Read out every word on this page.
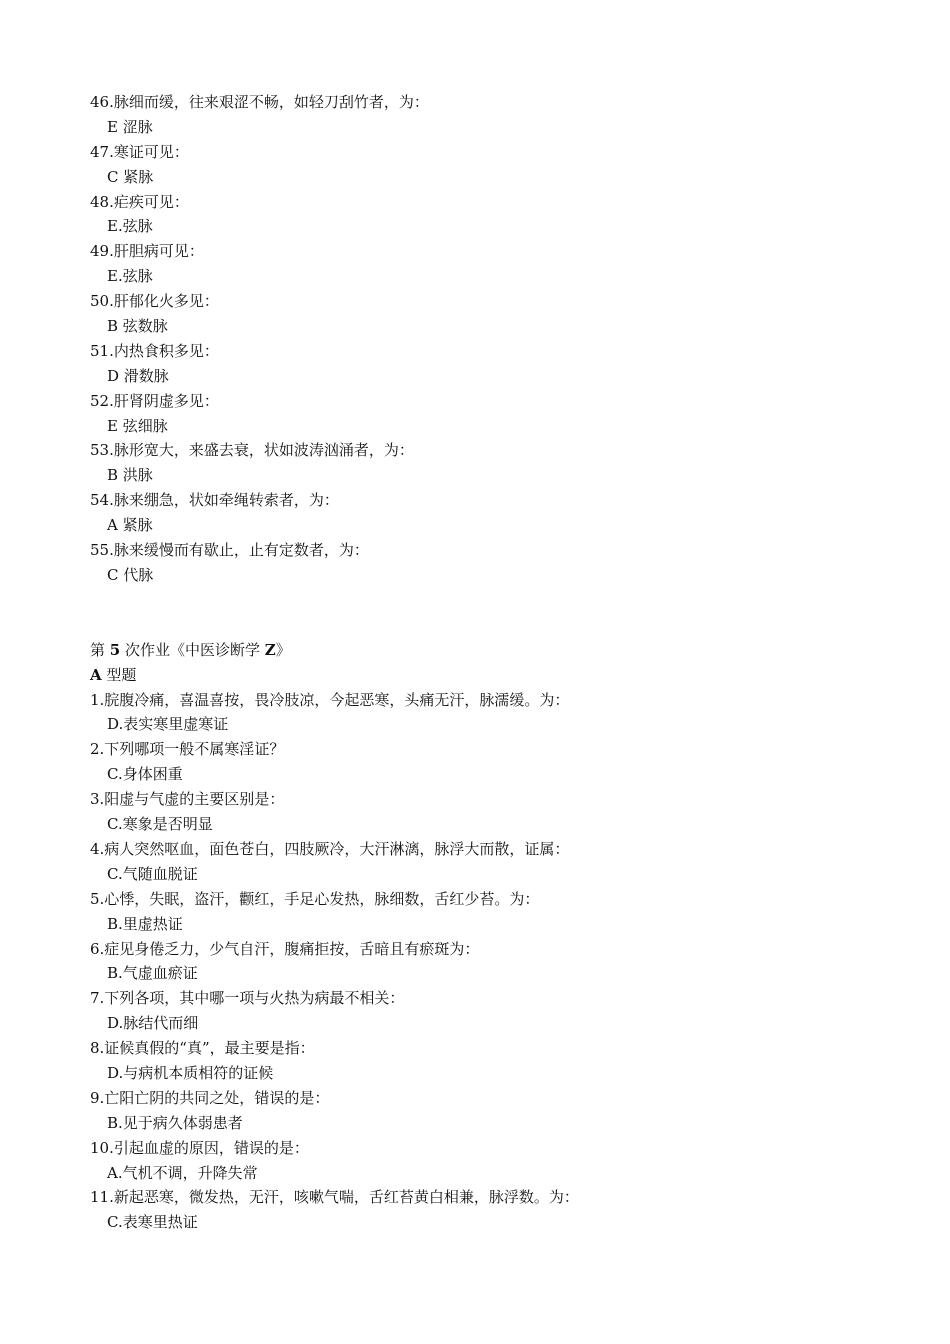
46.脉细而缓，往来艰涩不畅，如轻刀刮竹者，为：
E 涩脉
47.寒证可见：
C 紧脉
48.疟疾可见：
E.弦脉
49.肝胆病可见：
E.弦脉
50.肝郁化火多见：
B 弦数脉
51.内热食积多见：
D 滑数脉
52.肝肾阴虚多见：
E 弦细脉
53.脉形宽大，来盛去衰，状如波涛汹涌者，为：
B 洪脉
54.脉来绷急，状如牵绳转索者，为：
A 紧脉
55.脉来缓慢而有歇止，止有定数者，为：
C 代脉
第 5 次作业《中医诊断学 Z》
A 型题
1.脘腹冷痛，喜温喜按，畏冷肢凉，今起恶寒，头痛无汗，脉濡缓。为：
D.表实寒里虚寒证
2.下列哪项一般不属寒淫证？
C.身体困重
3.阳虚与气虚的主要区别是：
C.寒象是否明显
4.病人突然呕血，面色苍白，四肢厥冷，大汗淋漓，脉浮大而散，证属：
C.气随血脱证
5.心悸，失眠，盗汗，颧红，手足心发热，脉细数，舌红少苔。为：
B.里虚热证
6.症见身倦乏力，少气自汗，腹痛拒按，舌暗且有瘀斑为：
B.气虚血瘀证
7.下列各项，其中哪一项与火热为病最不相关：
D.脉结代而细
8.证候真假的“真”，最主要是指：
D.与病机本质相符的证候
9.亡阳亡阴的共同之处，错误的是：
B.见于病久体弱患者
10.引起血虚的原因，错误的是：
A.气机不调，升降失常
11.新起恶寒，微发热，无汗，咳嗽气喘，舌红苔黄白相兼，脉浮数。为：
C.表寒里热证
